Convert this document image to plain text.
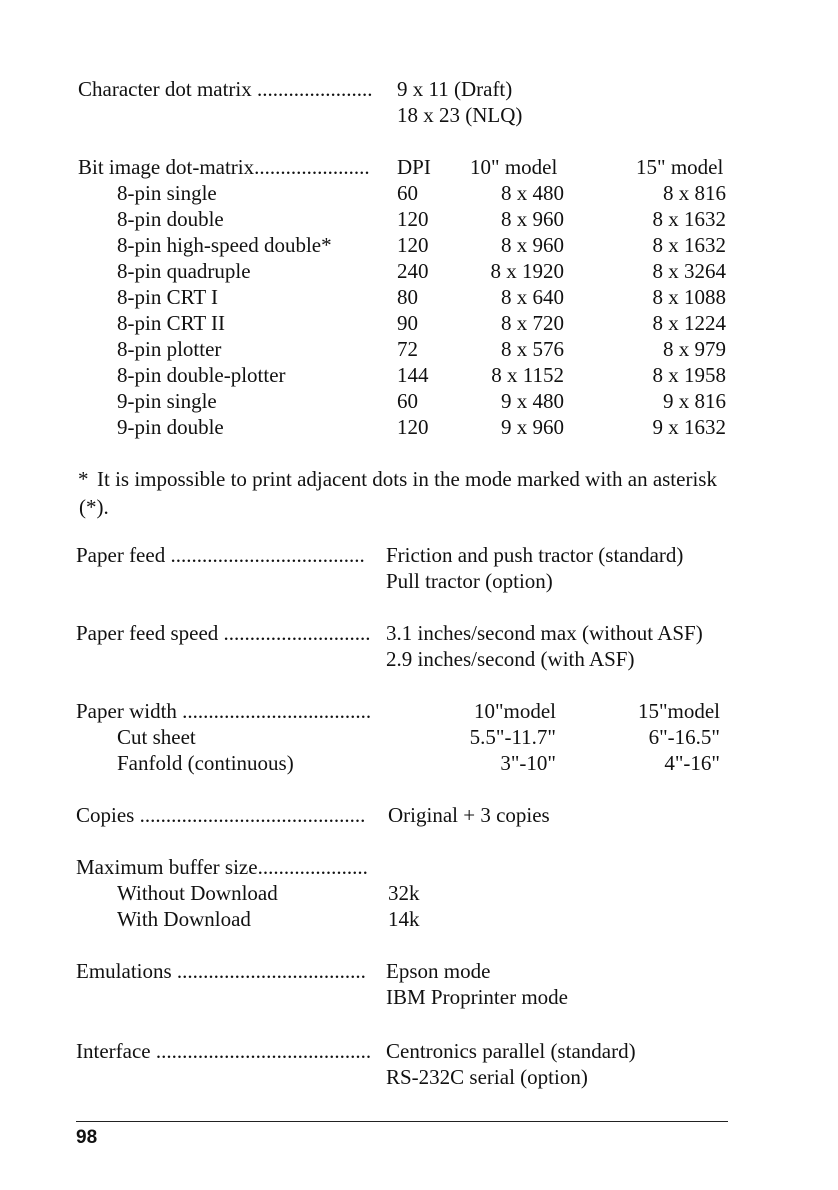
Character dot matrix ...................... 9 x 11 (Draft)
18 x 23 (NLQ)
Bit image dot-matrix...................... DPI 10" model	15" model
8-pin single	60	8 x 480	8 x 816
8-pin double	120	8 x 960	8 x 1632
8-pin high-speed double*	120	8 x 960	8 x 1632
8-pin quadruple	240	8 x 1920	8 x 3264
8-pin CRT I	80	8 x 640	8 x 1088
8-pin CRT II	90	8 x 720	8 x 1224
8-pin plotter	72	8 x 576	8 x 979
8-pin double-plotter	144	8 x 1152	8 x 1958
9-pin single	60	9 x 480	9 x 816
9-pin double	120	9 x 960	9 x 1632
* It is impossible to print adjacent dots in the mode marked with an asterisk
(*).
Paper feed ..................................... Friction and push tractor (standard)
Pull tractor (option)
Paper feed speed ............................ 3.1 inches/second max (without ASF)
2.9 inches/second (with ASF)
Paper width ....................................	10"model	15"model
Cut sheet	5.5"-11.7"	6"-16.5"
Fanfold (continuous)	3"-10"	4"-16"
Copies ........................................... Original + 3 copies
Maximum buffer size.....................
Without Download	32k
With Download	14k
Emulations .................................... Epson mode
IBM Proprinter mode
Interface ......................................... Centronics parallel (standard)
RS-232C serial (option)
98
